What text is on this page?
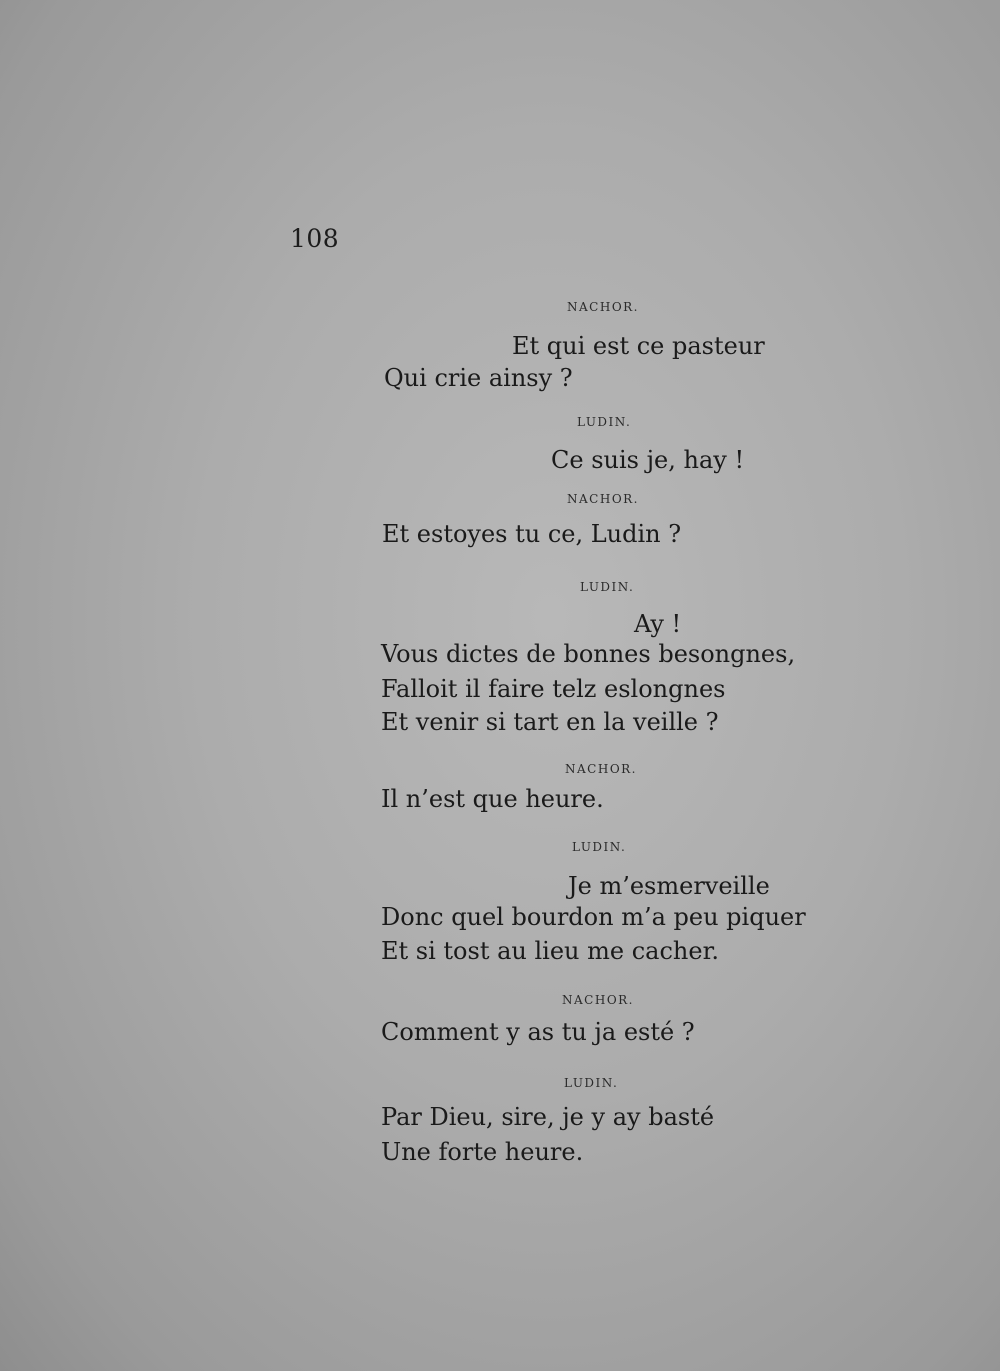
108
NACHOR.
Et qui est ce pasteur
Qui crie ainsy ?
LUDIN.
Ce suis je, hay !
NACHOR.
Et estoyes tu ce, Ludin ?
LUDIN.
Ay !
Vous dictes de bonnes besongnes,
Falloit il faire telz eslongnes
Et venir si tart en la veille ?
NACHOR.
Il n’est que heure.
LUDIN.
Je m’esmerveille
Donc quel bourdon m’a peu piquer
Et si tost au lieu me cacher.
NACHOR.
Comment y as tu ja esté ?
LUDIN.
Par Dieu, sire, je y ay basté
Une forte heure.
